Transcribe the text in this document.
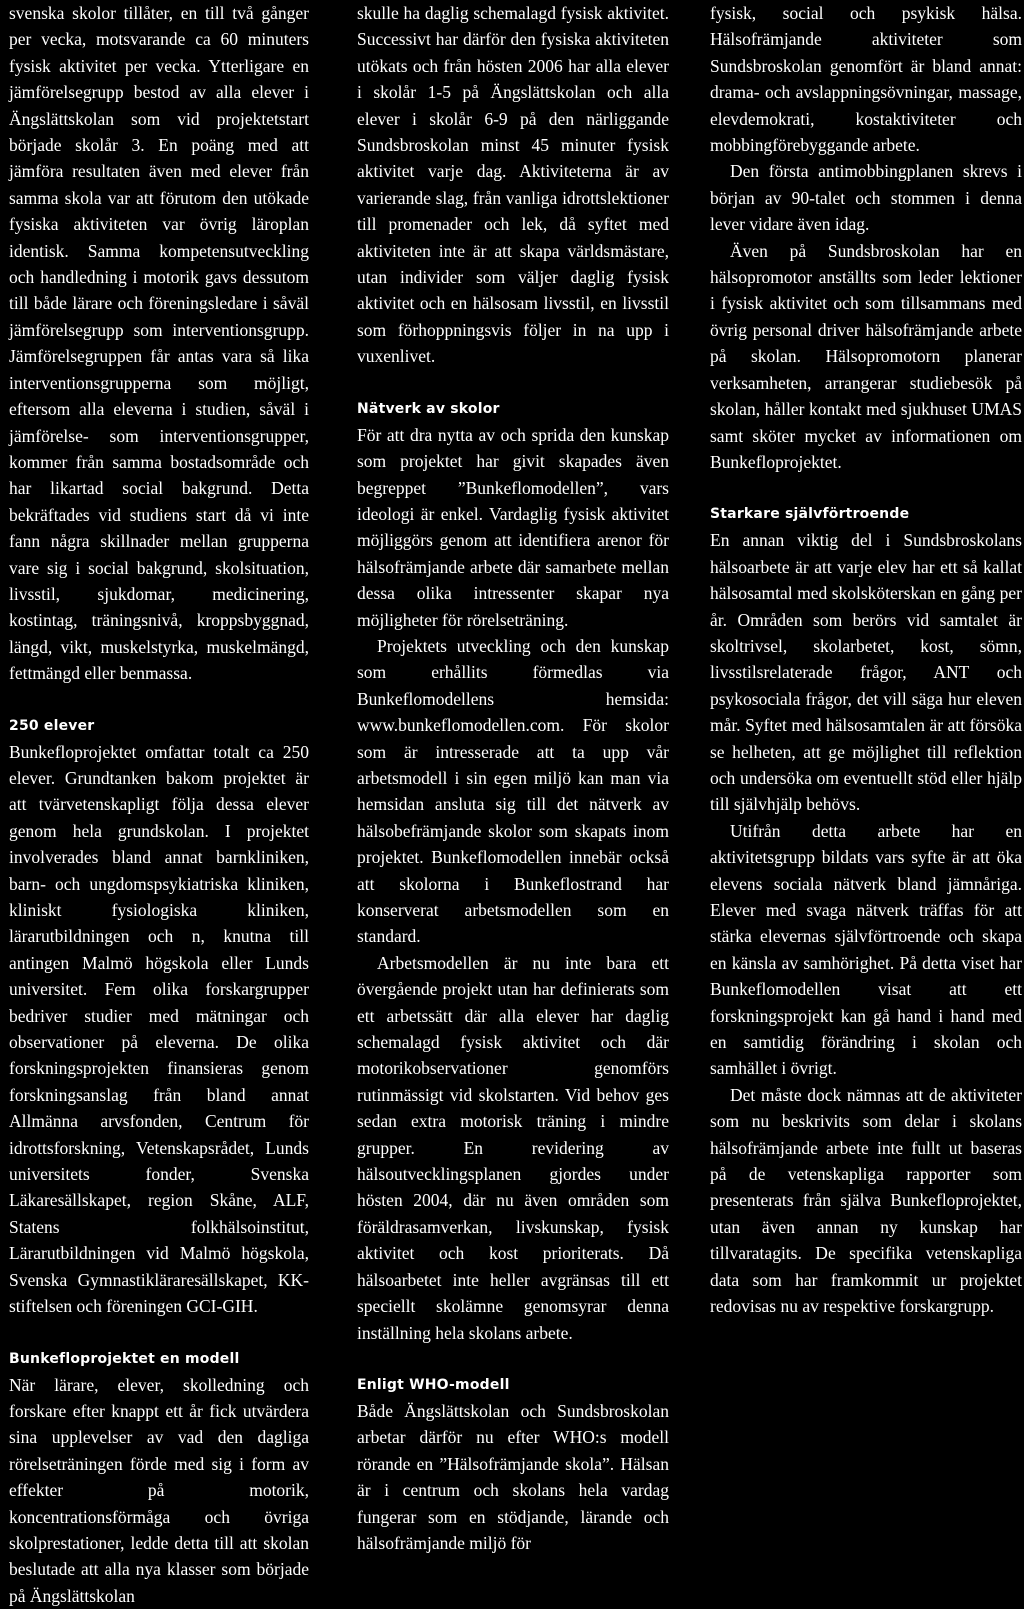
svenska skolor tillåter, en till två gånger per vecka, motsvarande ca 60 minuters fysisk aktivitet per vecka. Ytterligare en jämförelsegrupp bestod av alla elever i Ängslättskolan som vid projektetstart började skolår 3. En poäng med att jämföra resultaten även med elever från samma skola var att förutom den utökade fysiska aktiviteten var övrig läroplan identisk. Samma kompetensutveckling och handledning i motorik gavs dessutom till både lärare och föreningsledare i såväl jämförelsegrupp som interventionsgrupp. Jämförelsegruppen får antas vara så lika interventionsgrupperna som möjligt, eftersom alla eleverna i studien, såväl i jämförelse- som interventionsgrupper, kommer från samma bostadsområde och har likartad social bakgrund. Detta bekräftades vid studiens start då vi inte fann några skillnader mellan grupperna vare sig i social bakgrund, skolsituation, livsstil, sjukdomar, medicinering, kostintag, träningsnivå, kroppsbyggnad, längd, vikt, muskelstyrka, muskelmängd, fettmängd eller benmassa.

250 elever

Bunkefloprojektet omfattar totalt ca 250 elever. Grundtanken bakom projektet är att tvärvetenskapligt följa dessa elever genom hela grundskolan. I projektet involverades bland annat barnkliniken, barn- och ungdomspsykiatriska kliniken, kliniskt fysiologiska kliniken, lärarutbildningen och n, knutna till antingen Malmö högskola eller Lunds universitet. Fem olika forskargrupper bedriver studier med mätningar och observationer på eleverna. De olika forskningsprojekten finansieras genom forskningsanslag från bland annat Allmänna arvsfonden, Centrum för idrottsforskning, Vetenskapsrådet, Lunds universitets fonder, Svenska Läkaresällskapet, region Skåne, ALF, Statens folkhälsoinstitut, Lärarutbildningen vid Malmö högskola, Svenska Gymnastikläraresällskapet, KK-stiftelsen och föreningen GCI-GIH.

Bunkefloprojektet en modell

När lärare, elever, skolledning och forskare efter knappt ett år fick utvärdera sina upplevelser av vad den dagliga rörelseträningen förde med sig i form av effekter på motorik, koncentrationsförmåga och övriga skolprestationer, ledde detta till att skolan beslutade att alla nya klasser som började på Ängslättskolan

skulle ha daglig schemalagd fysisk aktivitet. Successivt har därför den fysiska aktiviteten utökats och från hösten 2006 har alla elever i skolår 1-5 på Ängslättskolan och alla elever i skolår 6-9 på den närliggande Sundsbroskolan minst 45 minuter fysisk aktivitet varje dag. Aktiviteterna är av varierande slag, från vanliga idrottslektioner till promenader och lek, då syftet med aktiviteten inte är att skapa världsmästare, utan individer som väljer daglig fysisk aktivitet och en hälsosam livsstil, en livsstil som förhoppningsvis följer in na upp i vuxenlivet.

Nätverk av skolor

För att dra nytta av och sprida den kunskap som projektet har givit skapades även begreppet ”Bunkeflomodellen”, vars ideologi är enkel. Vardaglig fysisk aktivitet möjliggörs genom att identifiera arenor för hälsofrämjande arbete där samarbete mellan dessa olika intressenter skapar nya möjligheter för rörelseträning.

Projektets utveckling och den kunskap som erhållits förmedlas via Bunkeflomodellens hemsida: www.bunkeflomodellen.com. För skolor som är intresserade att ta upp vår arbetsmodell i sin egen miljö kan man via hemsidan ansluta sig till det nätverk av hälsobefrämjande skolor som skapats inom projektet. Bunkeflomodellen innebär också att skolorna i Bunkeflostrand har konserverat arbetsmodellen som en standard.

Arbetsmodellen är nu inte bara ett övergående projekt utan har definierats som ett arbetssätt där alla elever har daglig schemalagd fysisk aktivitet och där motorikobservationer genomförs rutinmässigt vid skolstarten. Vid behov ges sedan extra motorisk träning i mindre grupper. En revidering av hälsoutvecklingsplanen gjordes under hösten 2004, där nu även områden som föräldrasamverkan, livskunskap, fysisk aktivitet och kost prioriterats. Då hälsoarbetet inte heller avgränsas till ett speciellt skolämne genomsyrar denna inställning hela skolans arbete.

Enligt WHO-modell

Både Ängslättskolan och Sundsbroskolan arbetar därför nu efter WHO:s modell rörande en ”Hälsofrämjande skola”. Hälsan är i centrum och skolans hela vardag fungerar som en stödjande, lärande och hälsofrämjande miljö för

fysisk, social och psykisk hälsa. Hälsofrämjande aktiviteter som Sundsbroskolan genomfört är bland annat: drama- och avslappningsövningar, massage, elevdemokrati, kostaktiviteter och mobbingförebyggande arbete.

Den första antimobbingplanen skrevs i början av 90-talet och stommen i denna lever vidare även idag.

Även på Sundsbroskolan har en hälsopromotor anställts som leder lektioner i fysisk aktivitet och som tillsammans med övrig personal driver hälsofrämjande arbete på skolan. Hälsopromotorn planerar verksamheten, arrangerar studiebesök på skolan, håller kontakt med sjukhuset UMAS samt sköter mycket av informationen om Bunkefloprojektet.

Starkare självförtroende

En annan viktig del i Sundsbroskolans hälsoarbete är att varje elev har ett så kallat hälsosamtal med skolsköterskan en gång per år. Områden som berörs vid samtalet är skoltrivsel, skolarbetet, kost, sömn, livsstilsrelaterade frågor, ANT och psykosociala frågor, det vill säga hur eleven mår. Syftet med hälsosamtalen är att försöka se helheten, att ge möjlighet till reflektion och undersöka om eventuellt stöd eller hjälp till självhjälp behövs.

Utifrån detta arbete har en aktivitetsgrupp bildats vars syfte är att öka elevens sociala nätverk bland jämnåriga. Elever med svaga nätverk träffas för att stärka elevernas självförtroende och skapa en känsla av samhörighet. På detta viset har Bunkeflomodellen visat att ett forskningsprojekt kan gå hand i hand med en samtidig förändring i skolan och samhället i övrigt.

Det måste dock nämnas att de aktiviteter som nu beskrivits som delar i skolans hälsofrämjande arbete inte fullt ut baseras på de vetenskapliga rapporter som presenterats från själva Bunkefloprojektet, utan även annan ny kunskap har tillvaratagits. De specifika vetenskapliga data som har framkommit ur projektet redovisas nu av respektive forskargrupp.
